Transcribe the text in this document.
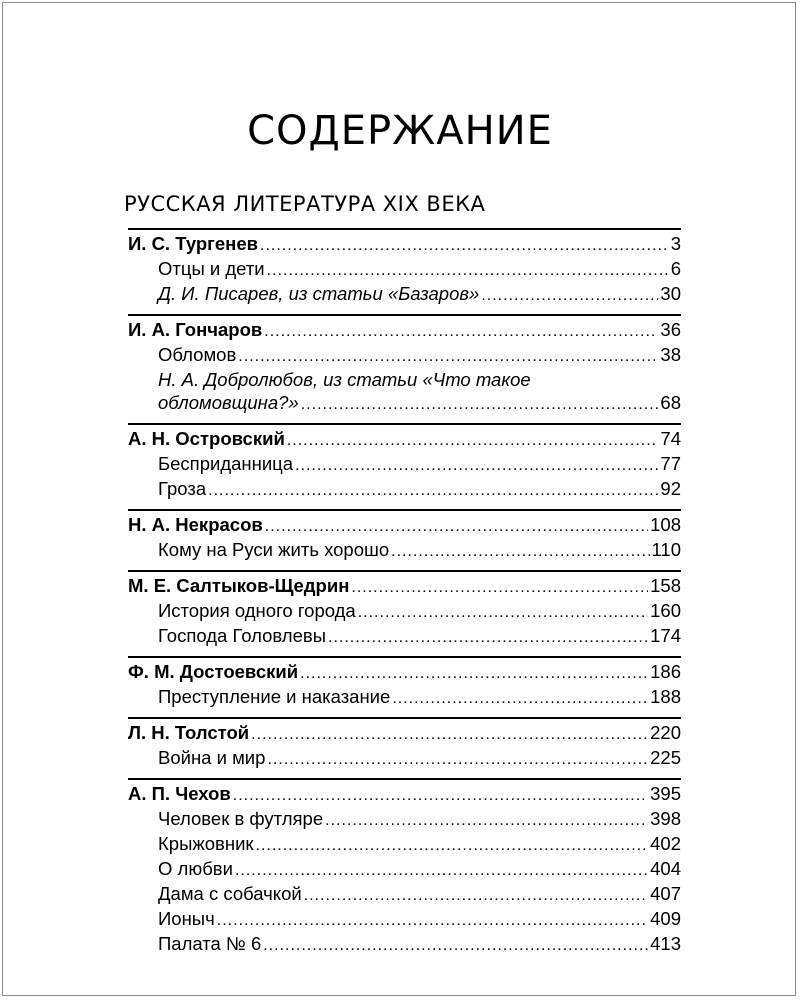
СОДЕРЖАНИЕ
РУССКАЯ ЛИТЕРАТУРА XIX ВЕКА
И. С. Тургенев .....	3
Отцы и дети .....	6
Д. И. Писарев, из статьи «Базаров» .....	30
И. А. Гончаров .....	36
Обломов .....	38
Н. А. Добролюбов, из статьи «Что такое
обломовщина?» .....	68
А. Н. Островский .....	74
Бесприданница .....	77
Гроза .....	92
Н. А. Некрасов .....	108
Кому на Руси жить хорошо .....	110
М. Е. Салтыков-Щедрин .....	158
История одного города .....	160
Господа Головлевы .....	174
Ф. М. Достоевский .....	186
Преступление и наказание .....	188
Л. Н. Толстой .....	220
Война и мир .....	225
А. П. Чехов .....	395
Человек в футляре .....	398
Крыжовник .....	402
О любви .....	404
Дама с собачкой .....	407
Ионыч .....	409
Палата № 6 .....	413
